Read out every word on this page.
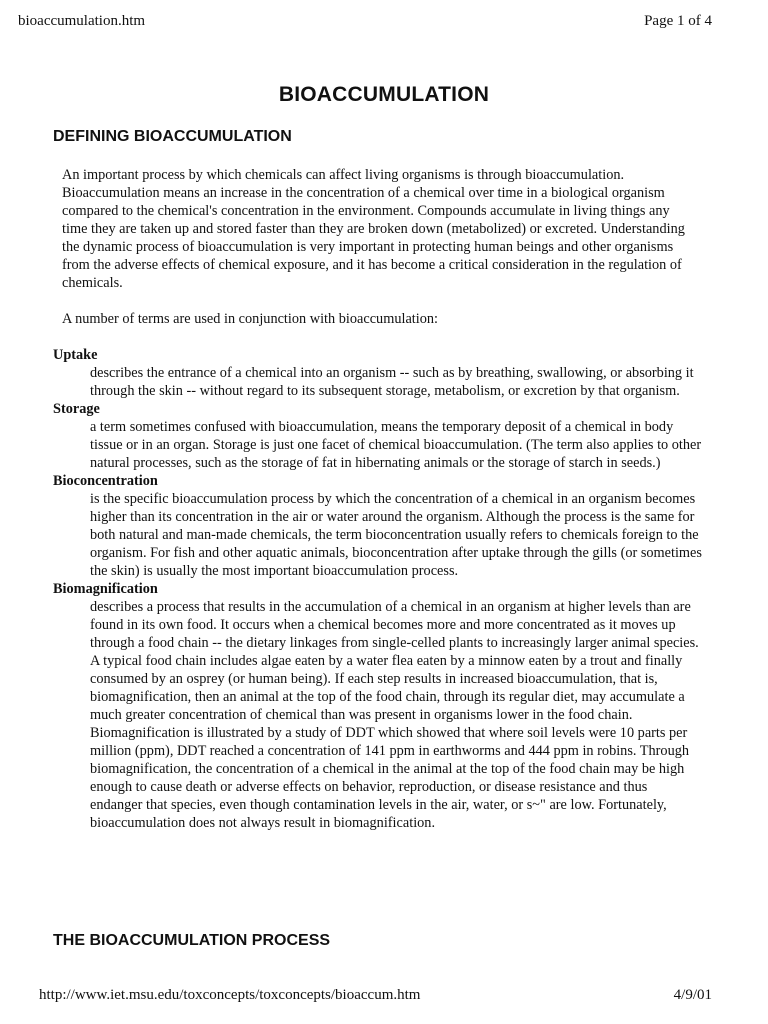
bioaccumulation.htm	Page 1 of 4
BIOACCUMULATION
DEFINING BIOACCUMULATION

An important process by which chemicals can affect living organisms is through bioaccumulation. Bioaccumulation means an increase in the concentration of a chemical over time in a biological organism compared to the chemical's concentration in the environment. Compounds accumulate in living things any time they are taken up and stored faster than they are broken down (metabolized) or excreted. Understanding the dynamic process of bioaccumulation is very important in protecting human beings and other organisms from the adverse effects of chemical exposure, and it has become a critical consideration in the regulation of chemicals.

A number of terms are used in conjunction with bioaccumulation:

Uptake

describes the entrance of a chemical into an organism -- such as by breathing, swallowing, or absorbing it through the skin -- without regard to its subsequent storage, metabolism, or excretion by that organism.

Storage

a term sometimes confused with bioaccumulation, means the temporary deposit of a chemical in body tissue or in an organ. Storage is just one facet of chemical bioaccumulation. (The term also applies to other natural processes, such as the storage of fat in hibernating animals or the storage of starch in seeds.)

Bioconcentration

is the specific bioaccumulation process by which the concentration of a chemical in an organism becomes higher than its concentration in the air or water around the organism. Although the process is the same for both natural and man-made chemicals, the term bioconcentration usually refers to chemicals foreign to the organism. For fish and other aquatic animals, bioconcentration after uptake through the gills (or sometimes the skin) is usually the most important bioaccumulation process.

Biomagnification

describes a process that results in the accumulation of a chemical in an organism at higher levels than are found in its own food. It occurs when a chemical becomes more and more concentrated as it moves up through a food chain -- the dietary linkages from single-celled plants to increasingly larger animal species.

A typical food chain includes algae eaten by a water flea eaten by a minnow eaten by a trout and finally consumed by an osprey (or human being). If each step results in increased bioaccumulation, that is, biomagnification, then an animal at the top of the food chain, through its regular diet, may accumulate a much greater concentration of chemical than was present in organisms lower in the food chain.

Biomagnification is illustrated by a study of DDT which showed that where soil levels were 10 parts per million (ppm), DDT reached a concentration of 141 ppm in earthworms and 444 ppm in robins. Through biomagnification, the concentration of a chemical in the animal at the top of the food chain may be high enough to cause death or adverse effects on behavior, reproduction, or disease resistance and thus endanger that species, even though contamination levels in the air, water, or s~" are low. Fortunately, bioaccumulation does not always result in biomagnification.

THE BIOACCUMULATION PROCESS
http://www.iet.msu.edu/toxconcepts/toxconcepts/bioaccum.htm	4/9/01
